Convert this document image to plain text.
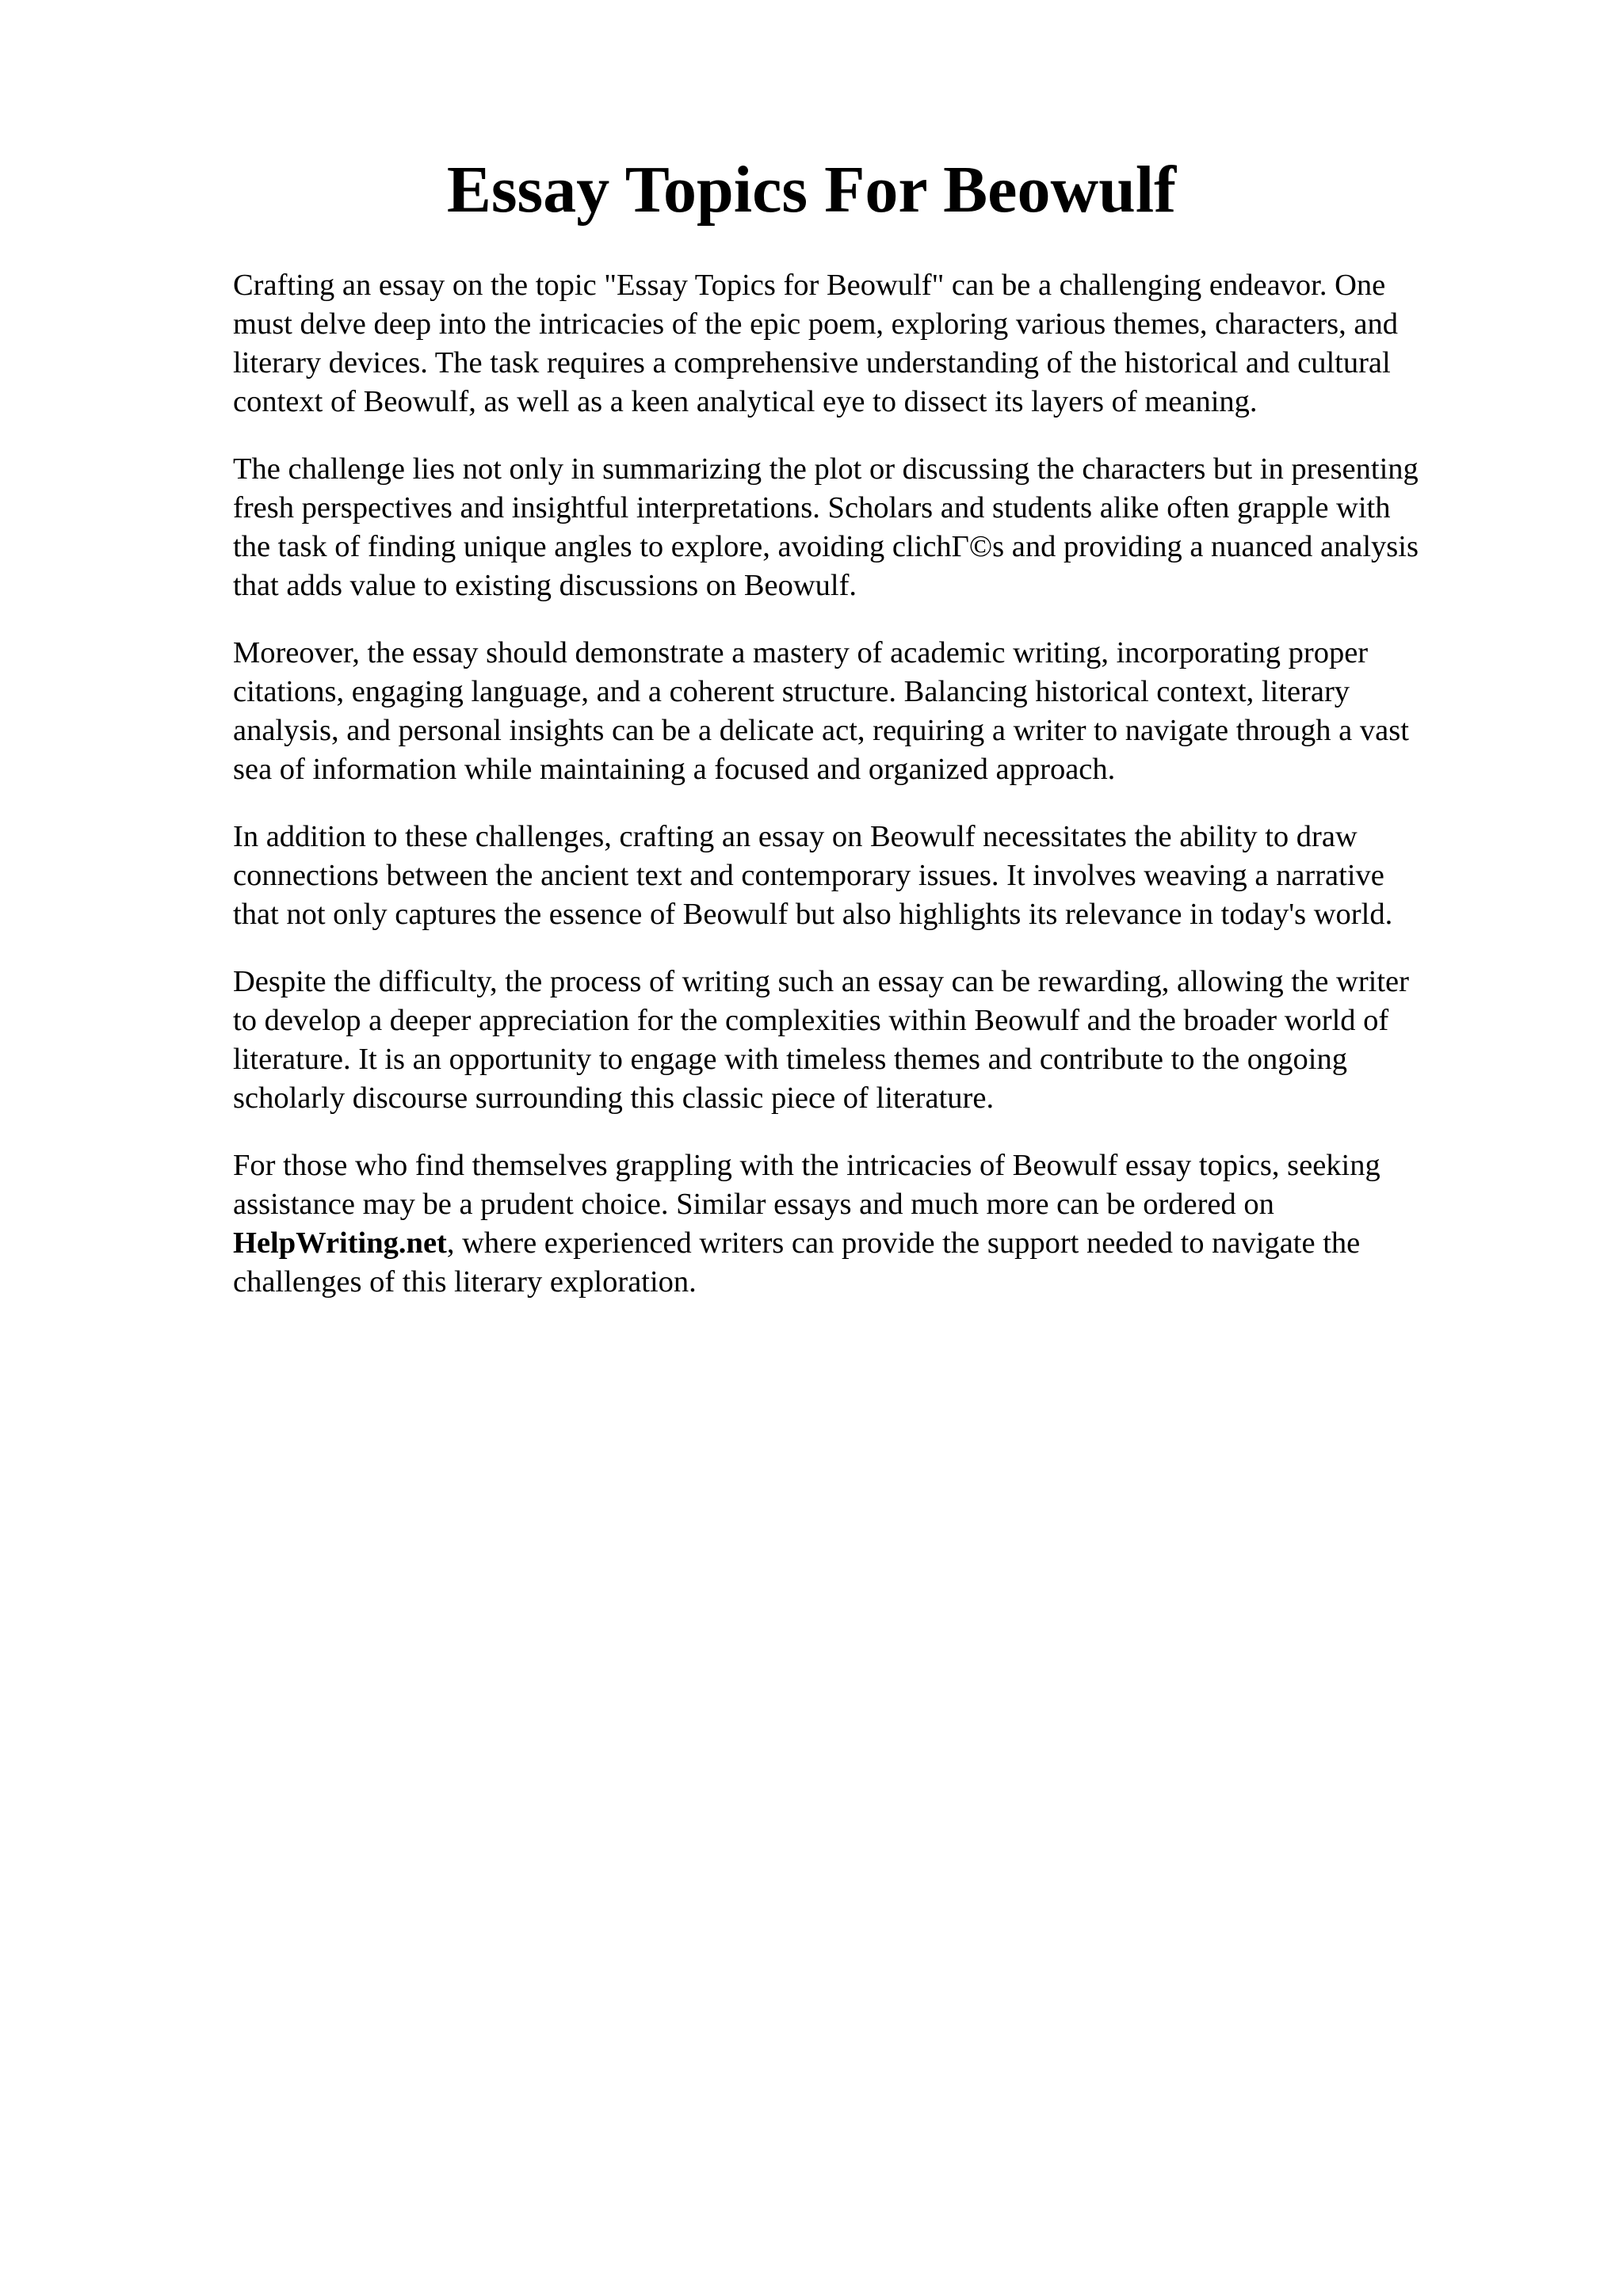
Essay Topics For Beowulf

Crafting an essay on the topic "Essay Topics for Beowulf" can be a challenging endeavor. One
must delve deep into the intricacies of the epic poem, exploring various themes, characters, and
literary devices. The task requires a comprehensive understanding of the historical and cultural
context of Beowulf, as well as a keen analytical eye to dissect its layers of meaning.

The challenge lies not only in summarizing the plot or discussing the characters but in presenting
fresh perspectives and insightful interpretations. Scholars and students alike often grapple with
the task of finding unique angles to explore, avoiding clichΓ©s and providing a nuanced analysis
that adds value to existing discussions on Beowulf.

Moreover, the essay should demonstrate a mastery of academic writing, incorporating proper
citations, engaging language, and a coherent structure. Balancing historical context, literary
analysis, and personal insights can be a delicate act, requiring a writer to navigate through a vast
sea of information while maintaining a focused and organized approach.

In addition to these challenges, crafting an essay on Beowulf necessitates the ability to draw
connections between the ancient text and contemporary issues. It involves weaving a narrative
that not only captures the essence of Beowulf but also highlights its relevance in today's world.

Despite the difficulty, the process of writing such an essay can be rewarding, allowing the writer
to develop a deeper appreciation for the complexities within Beowulf and the broader world of
literature. It is an opportunity to engage with timeless themes and contribute to the ongoing
scholarly discourse surrounding this classic piece of literature.

For those who find themselves grappling with the intricacies of Beowulf essay topics, seeking
assistance may be a prudent choice. Similar essays and much more can be ordered on
HelpWriting.net, where experienced writers can provide the support needed to navigate the
challenges of this literary exploration.
